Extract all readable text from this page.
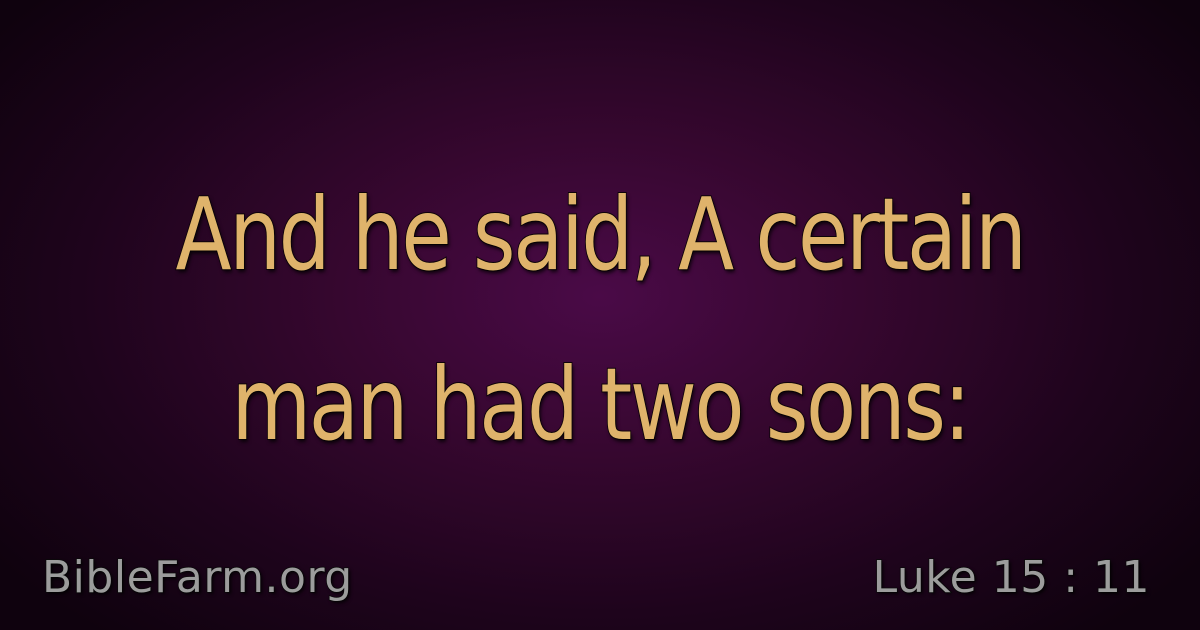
And he said, A certain
man had two sons:
BibleFarm.org	Luke 15 : 11
